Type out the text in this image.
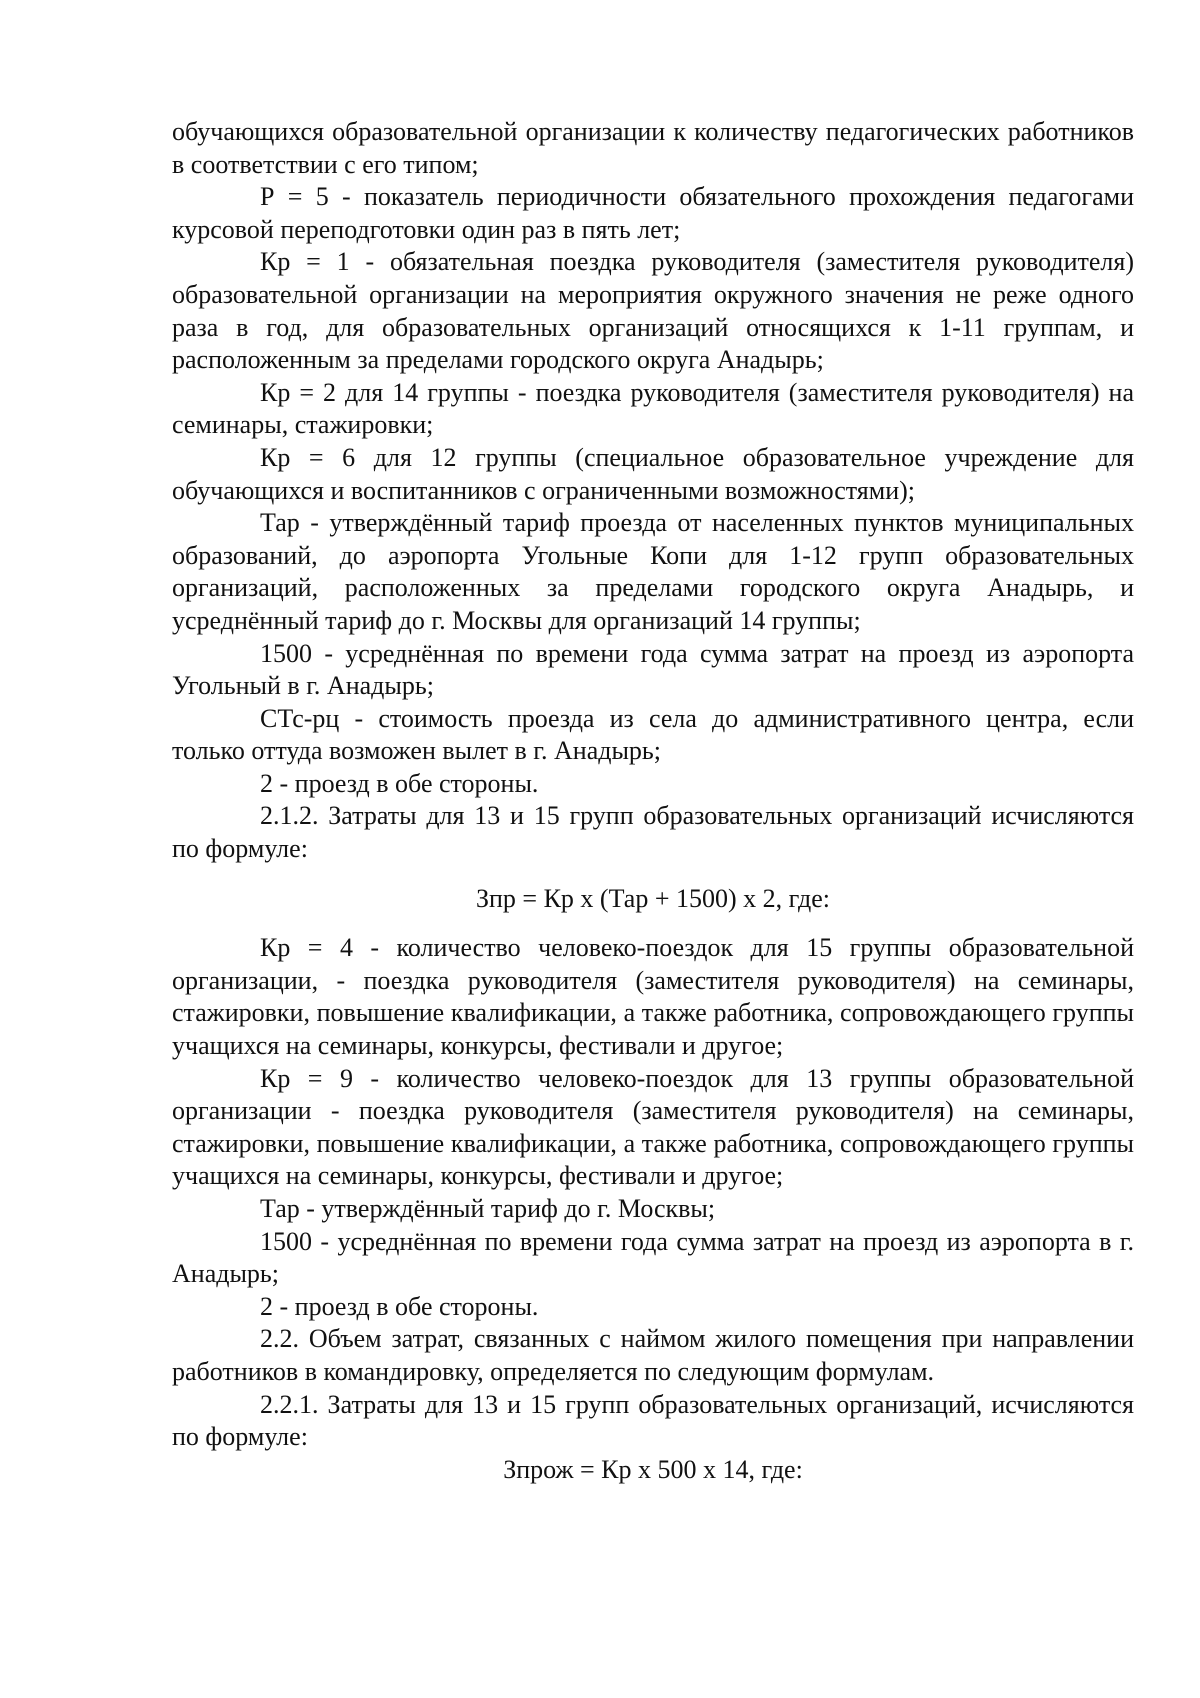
обучающихся образовательной организации к количеству педагогических работников в соответствии с его типом;

Р = 5 - показатель периодичности обязательного прохождения педагогами курсовой переподготовки один раз в пять лет;

Кр = 1 - обязательная поездка руководителя (заместителя руководителя) образовательной организации на мероприятия окружного значения не реже одного раза в год, для образовательных организаций относящихся к 1-11 группам, и расположенным за пределами городского округа Анадырь;

Кр = 2 для 14 группы - поездка руководителя (заместителя руководителя) на семинары, стажировки;

Кр = 6 для 12 группы (специальное образовательное учреждение для обучающихся и воспитанников с ограниченными возможностями);

Тар - утверждённый тариф проезда от населенных пунктов муниципальных образований, до аэропорта Угольные Копи для 1-12 групп образовательных организаций, расположенных за пределами городского округа Анадырь, и усреднённый тариф до г. Москвы для организаций 14 группы;

1500 - усреднённая по времени года сумма затрат на проезд из аэропорта Угольный в г. Анадырь;

СТс-рц - стоимость проезда из села до административного центра, если только оттуда возможен вылет в г. Анадырь;

2 - проезд в обе стороны.

2.1.2. Затраты для 13 и 15 групп образовательных организаций исчисляются по формуле:

Зпр = Кр х (Тар + 1500) х 2, где:

Кр = 4 - количество человеко-поездок для 15 группы образовательной организации, - поездка руководителя (заместителя руководителя) на семинары, стажировки, повышение квалификации, а также работника, сопровождающего группы учащихся на семинары, конкурсы, фестивали и другое;

Кр = 9 - количество человеко-поездок для 13 группы образовательной организации - поездка руководителя (заместителя руководителя) на семинары, стажировки, повышение квалификации, а также работника, сопровождающего группы учащихся на семинары, конкурсы, фестивали и другое;

Тар - утверждённый тариф до г. Москвы;

1500 - усреднённая по времени года сумма затрат на проезд из аэропорта в г. Анадырь;

2 - проезд в обе стороны.

2.2. Объем затрат, связанных с наймом жилого помещения при направлении работников в командировку, определяется по следующим формулам.

2.2.1. Затраты для 13 и 15 групп образовательных организаций, исчисляются по формуле:

Зпрож = Кр х 500 х 14, где:
